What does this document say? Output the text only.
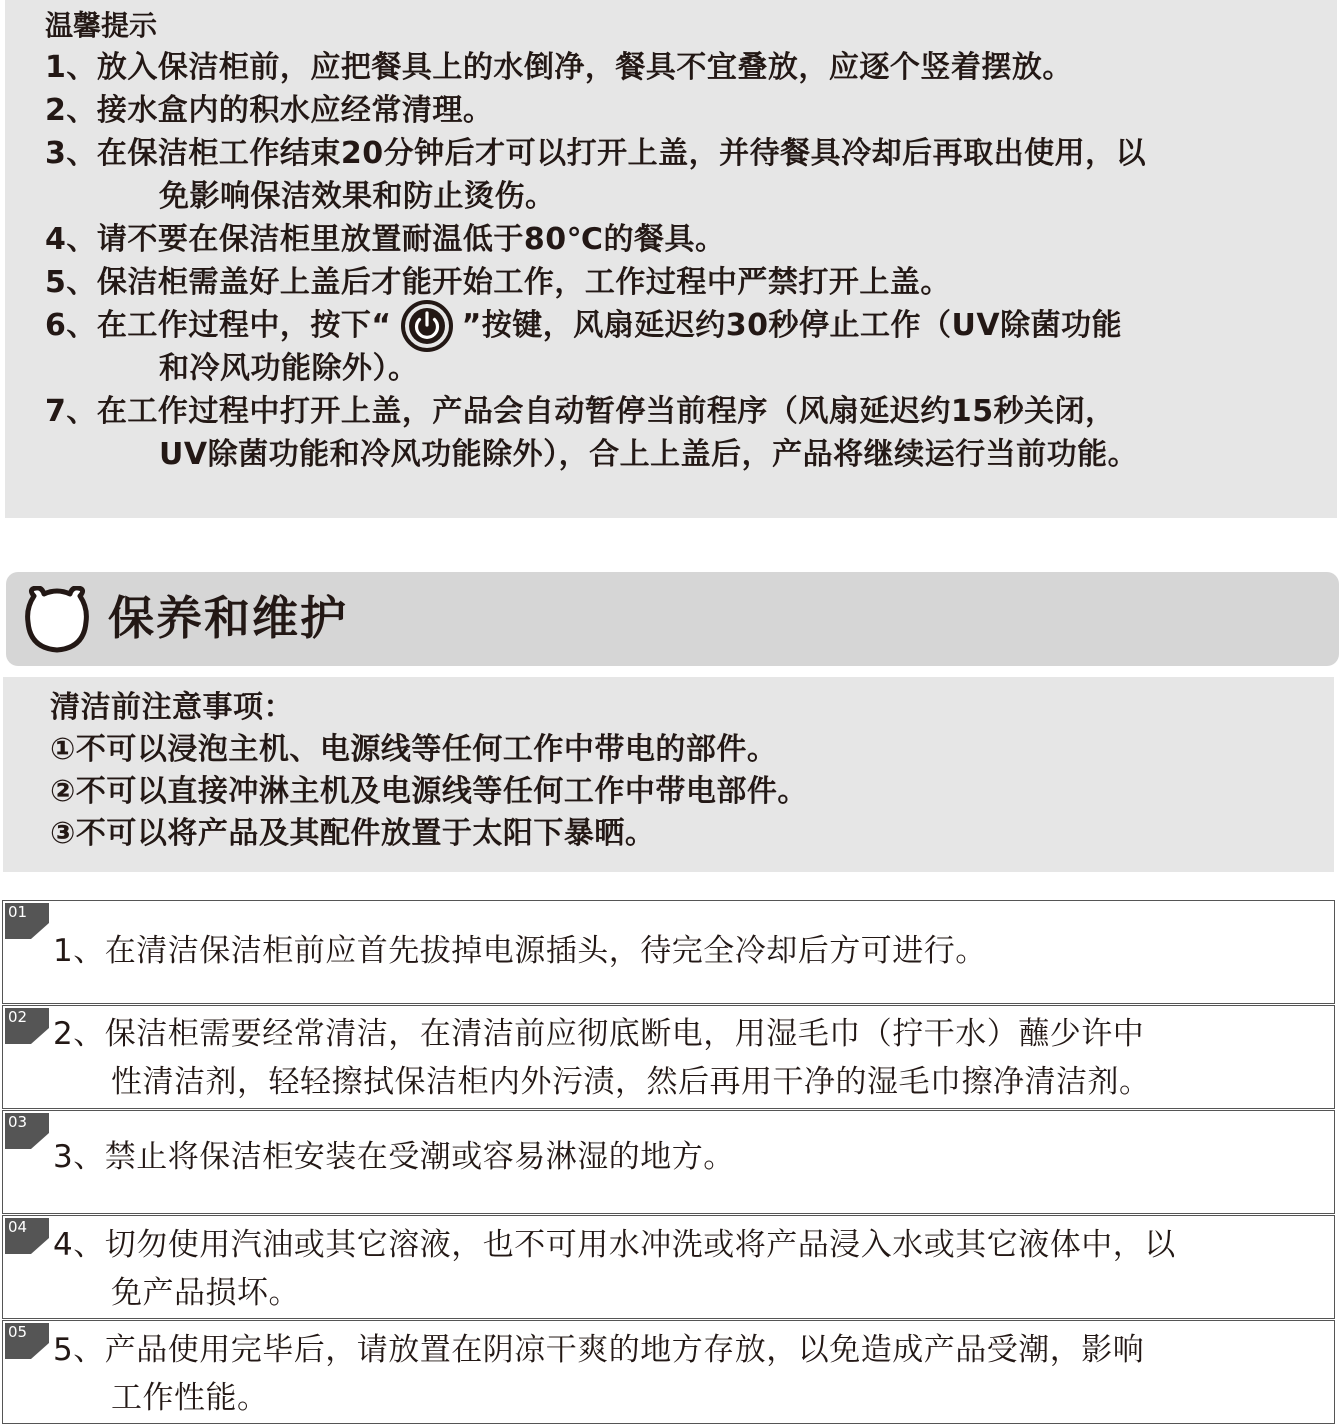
温馨提示
1、放入保洁柜前，应把餐具上的水倒净，餐具不宜叠放，应逐个竖着摆放。
2、接水盒内的积水应经常清理。
3、在保洁柜工作结束20分钟后才可以打开上盖，并待餐具冷却后再取出使用，以
免影响保洁效果和防止烫伤。
4、请不要在保洁柜里放置耐温低于80℃的餐具。
5、保洁柜需盖好上盖后才能开始工作，工作过程中严禁打开上盖。
6、在工作过程中，按下“ ”按键，风扇延迟约30秒停止工作（UV除菌功能
和冷风功能除外）。
7、在工作过程中打开上盖，产品会自动暂停当前程序（风扇延迟约15秒关闭，
UV除菌功能和冷风功能除外），合上上盖后，产品将继续运行当前功能。
保养和维护
清洁前注意事项：
①不可以浸泡主机、电源线等任何工作中带电的部件。
②不可以直接冲淋主机及电源线等任何工作中带电部件。
③不可以将产品及其配件放置于太阳下暴晒。
01
1、在清洁保洁柜前应首先拔掉电源插头，待完全冷却后方可进行。
02 2、保洁柜需要经常清洁，在清洁前应彻底断电，用湿毛巾（拧干水）蘸少许中
性清洁剂，轻轻擦拭保洁柜内外污渍，然后再用干净的湿毛巾擦净清洁剂。
03
3、禁止将保洁柜安装在受潮或容易淋湿的地方。
04 4、切勿使用汽油或其它溶液，也不可用水冲洗或将产品浸入水或其它液体中，以
免产品损坏。
05 5、产品使用完毕后，请放置在阴凉干爽的地方存放，以免造成产品受潮，影响
工作性能。
